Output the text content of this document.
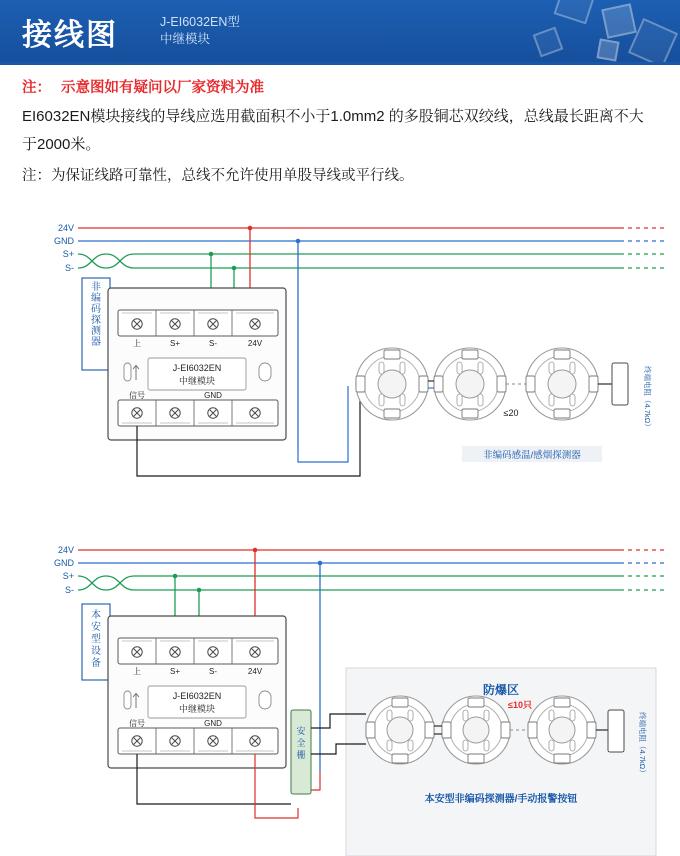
接线图	J-EI6032EN型
中继模块
注： 示意图如有疑问以厂家资料为准
EI6032EN模块接线的导线应选用截面积不小于1.0mm2 的多股铜芯双绞线，总线最长距离不大于2000米。
注：为保证线路可靠性，总线不允许使用单股导线或平行线。
24V
GND
S+
S-
非编码探测器	上	S+	S-	24V
J-EI6032EN
中继模块
信号	GND	终端电阻（4.7kΩ）
≤20
非编码感温/感烟探测器
24V
GND
S+
S-
本安型设备
上	S+	S-	24V
J-EI6032EN
中继模块
信号	GND
防爆区
安全栅	终端电阻（4.7kΩ）
≤10只
本安型非编码探测器/手动报警按钮
